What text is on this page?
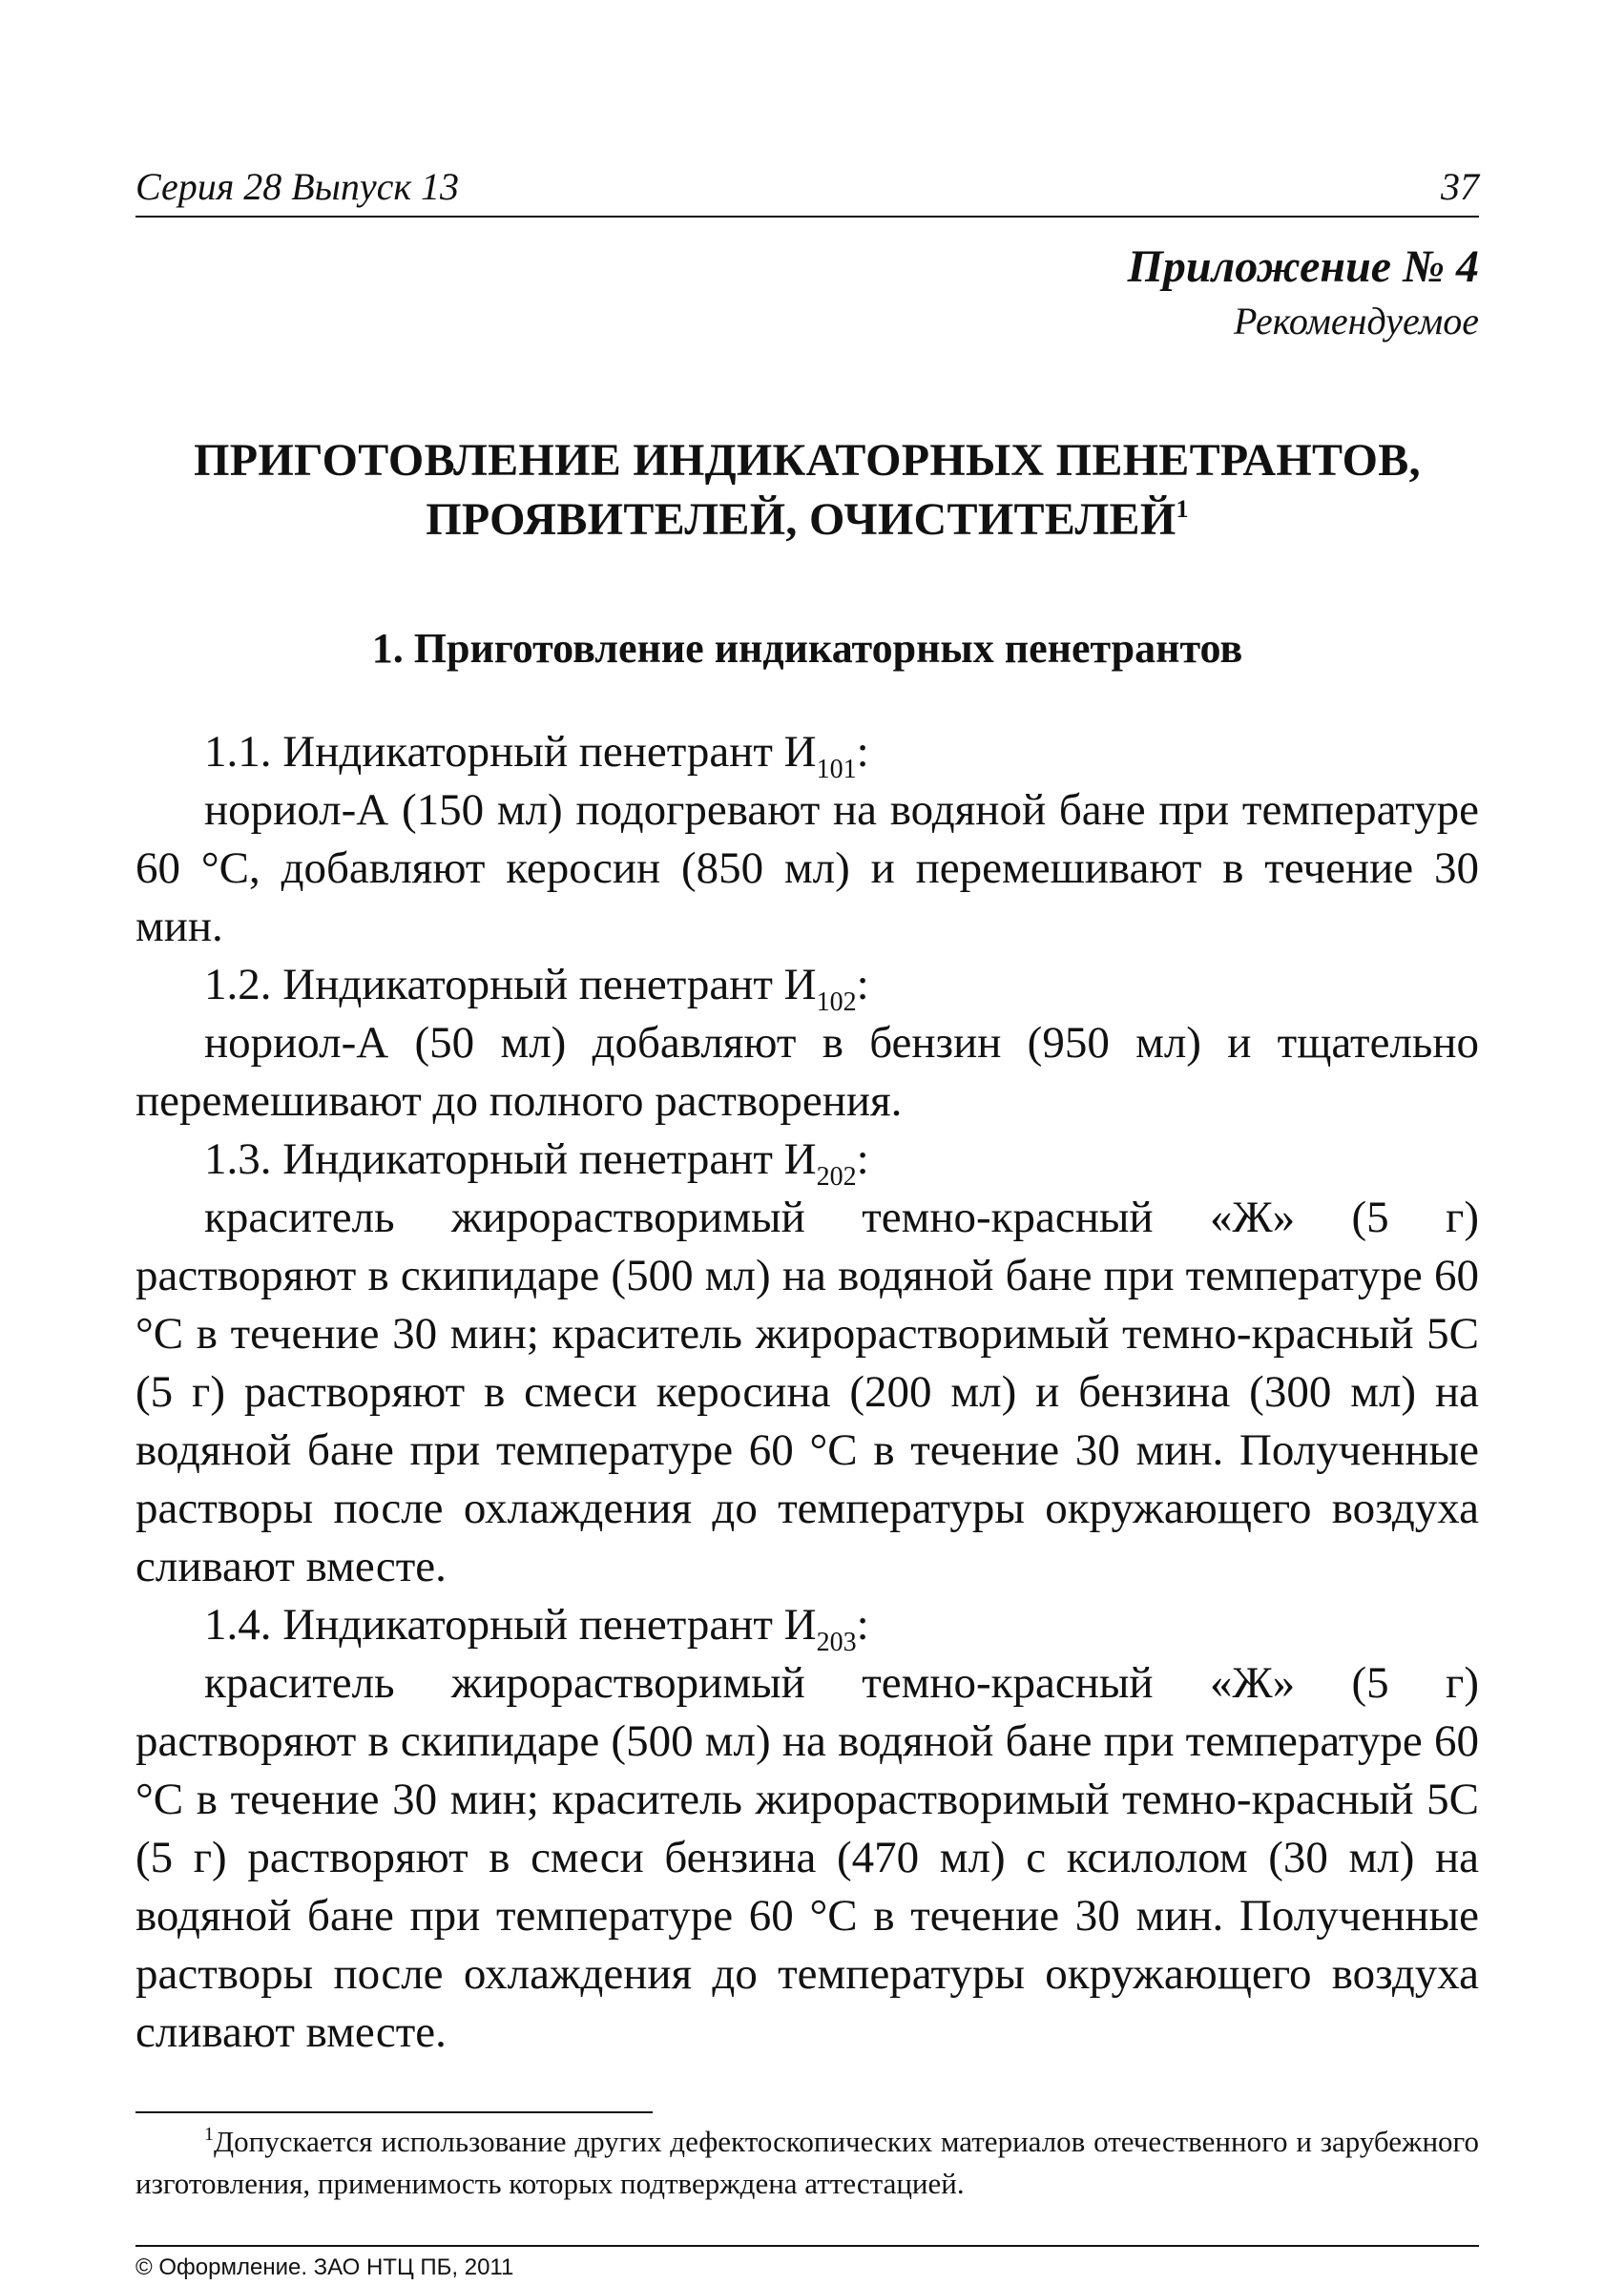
Серия 28 Выпуск 13	37
Приложение № 4
Рекомендуемое
ПРИГОТОВЛЕНИЕ ИНДИКАТОРНЫХ ПЕНЕТРАНТОВ,
ПРОЯВИТЕЛЕЙ, ОЧИСТИТЕЛЕЙ$^1$
1. Приготовление индикаторных пенетрантов

1.1. Индикаторный пенетрант $И_{101}$:

нориол-А (150 мл) подогревают на водяной бане при температуре 60 °С, добавляют керосин (850 мл) и перемешивают в течение 30 мин.

1.2. Индикаторный пенетрант $И_{102}$:

нориол-А (50 мл) добавляют в бензин (950 мл) и тщательно перемешивают до полного растворения.

1.3. Индикаторный пенетрант $И_{202}$:

краситель жирорастворимый темно-красный «Ж» (5 г) растворяют в скипидаре (500 мл) на водяной бане при температуре 60 °С в течение 30 мин; краситель жирорастворимый темно-красный 5С (5 г) растворяют в смеси керосина (200 мл) и бензина (300 мл) на водяной бане при температуре 60 °С в течение 30 мин. Полученные растворы после охлаждения до температуры окружающего воздуха сливают вместе.

1.4. Индикаторный пенетрант $И_{203}$:

краситель жирорастворимый темно-красный «Ж» (5 г) растворяют в скипидаре (500 мл) на водяной бане при температуре 60 °С в течение 30 мин; краситель жирорастворимый темно-красный 5С (5 г) растворяют в смеси бензина (470 мл) с ксилолом (30 мл) на водяной бане при температуре 60 °С в течение 30 мин. Полученные растворы после охлаждения до температуры окружающего воздуха сливают вместе.

$^1$Допускается использование других дефектоскопических материалов отечественного и зарубежного изготовления, применимость которых подтверждена аттестацией.
© Оформление. ЗАО НТЦ ПБ, 2011
